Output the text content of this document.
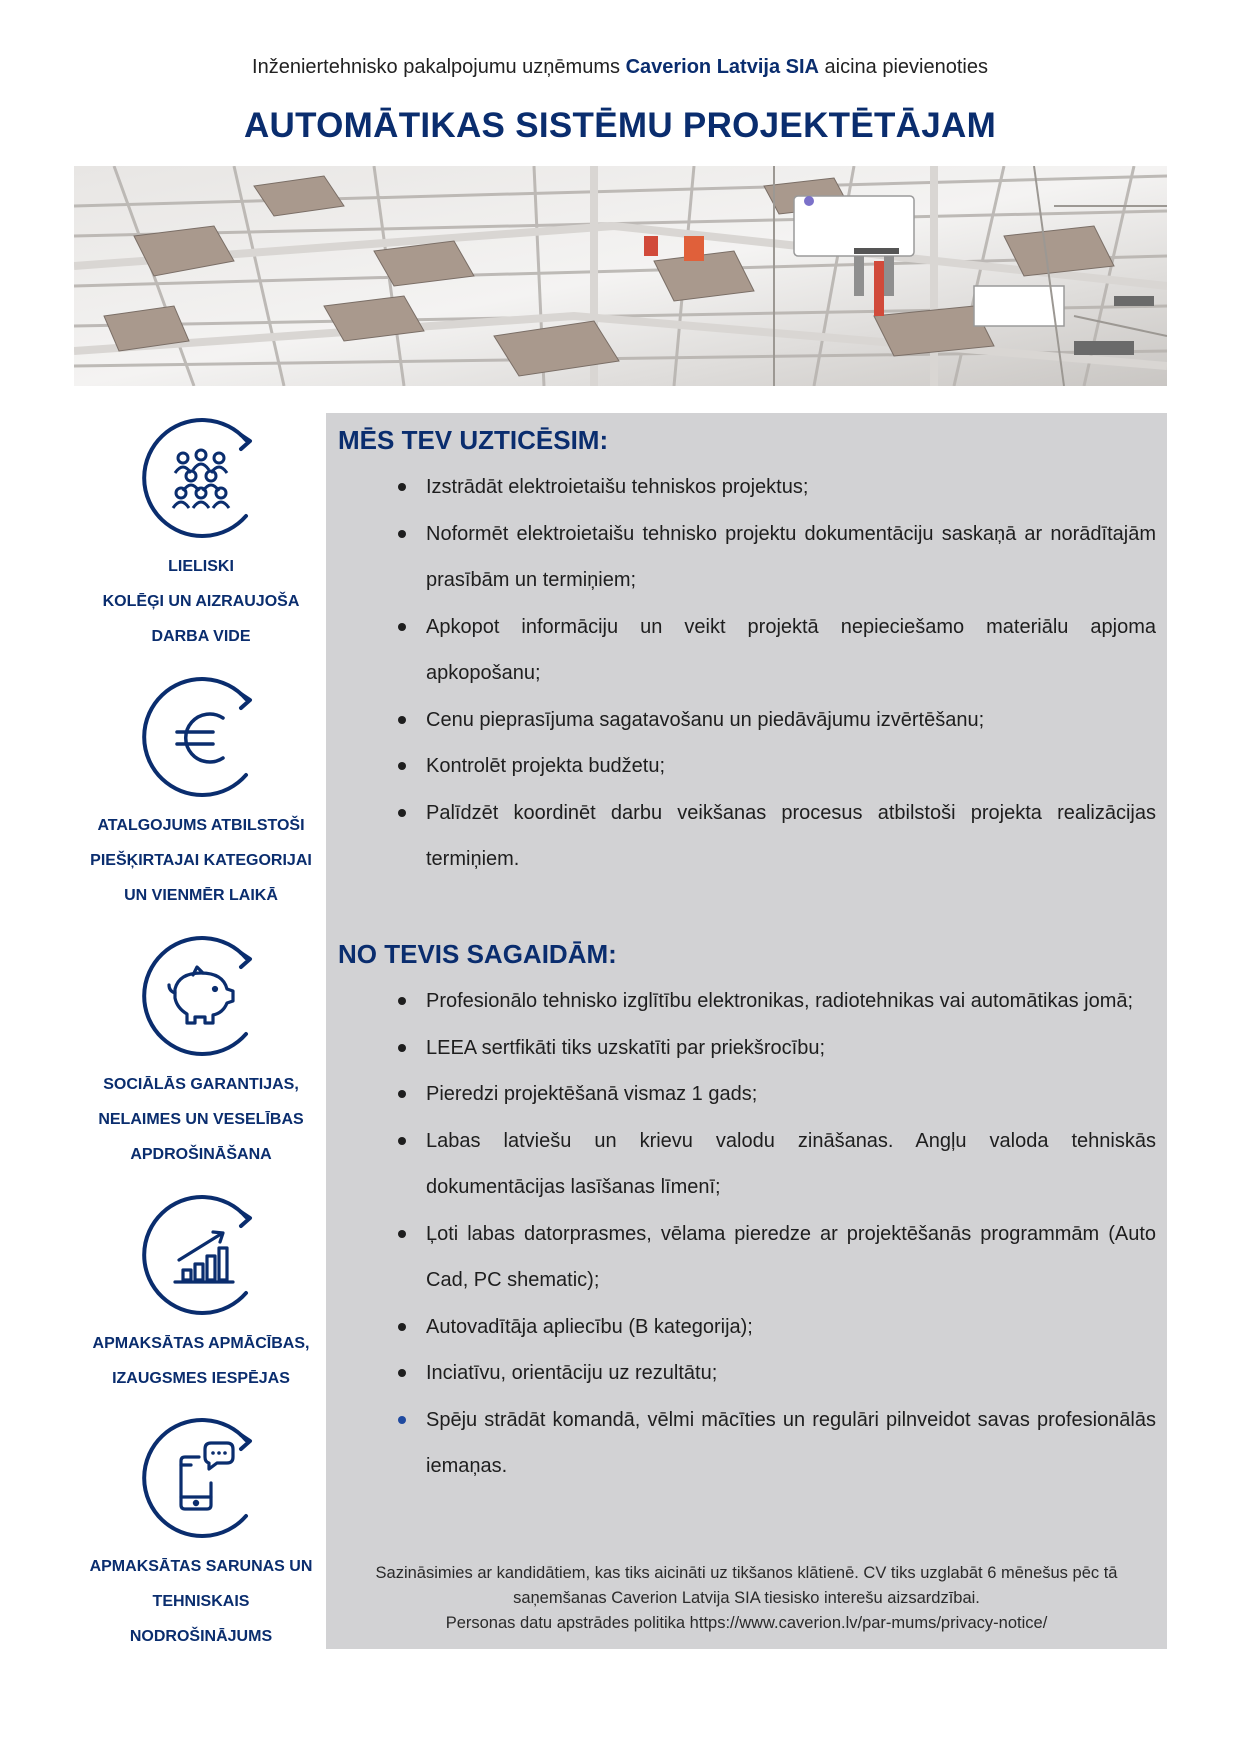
Inženiertehnisko pakalpojumu uzņēmums Caverion Latvija SIA aicina pievienoties
AUTOMĀTIKAS SISTĒMU PROJEKTĒTĀJAM
LIELISKI
KOLĒĢI UN AIZRAUJOŠA
DARBA VIDE
ATALGOJUMS ATBILSTOŠI
PIEŠĶIRTAJAI KATEGORIJAI
UN VIENMĒR LAIKĀ
SOCIĀLĀS GARANTIJAS,
NELAIMES UN VESELĪBAS
APDROŠINĀŠANA
APMAKSĀTAS APMĀCĪBAS,
IZAUGSMES IESPĒJAS
APMAKSĀTAS SARUNAS UN
TEHNISKAIS
NODROŠINĀJUMS
MĒS TEV UZTICĒSIM:
Izstrādāt elektroietaišu tehniskos projektus;
Noformēt elektroietaišu tehnisko projektu dokumentāciju saskaņā ar norādītajām prasībām un termiņiem;
Apkopot informāciju un veikt projektā nepieciešamo materiālu apjoma apkopošanu;
Cenu pieprasījuma sagatavošanu un piedāvājumu izvērtēšanu;
Kontrolēt projekta budžetu;
Palīdzēt koordinēt darbu veikšanas procesus atbilstoši projekta realizācijas termiņiem.
NO TEVIS SAGAIDĀM:
Profesionālo tehnisko izglītību elektronikas, radiotehnikas vai automātikas jomā;
LEEA sertfikāti tiks uzskatīti par priekšrocību;
Pieredzi projektēšanā vismaz 1 gads;
Labas latviešu un krievu valodu zināšanas. Angļu valoda tehniskās dokumentācijas lasīšanas līmenī;
Ļoti labas datorprasmes, vēlama pieredze ar projektēšanās programmām (Auto Cad, PC shematic);
Autovadītāja apliecību (B kategorija);
Inciatīvu, orientāciju uz rezultātu;
Spēju strādāt komandā, vēlmi mācīties un regulāri pilnveidot savas profesionālās iemaņas.
Sazināsimies ar kandidātiem, kas tiks aicināti uz tikšanos klātienē. CV tiks uzglabāt 6 mēnešus pēc tā
saņemšanas Caverion Latvija SIA tiesisko interešu aizsardzībai.
Personas datu apstrādes politika https://www.caverion.lv/par-mums/privacy-notice/
